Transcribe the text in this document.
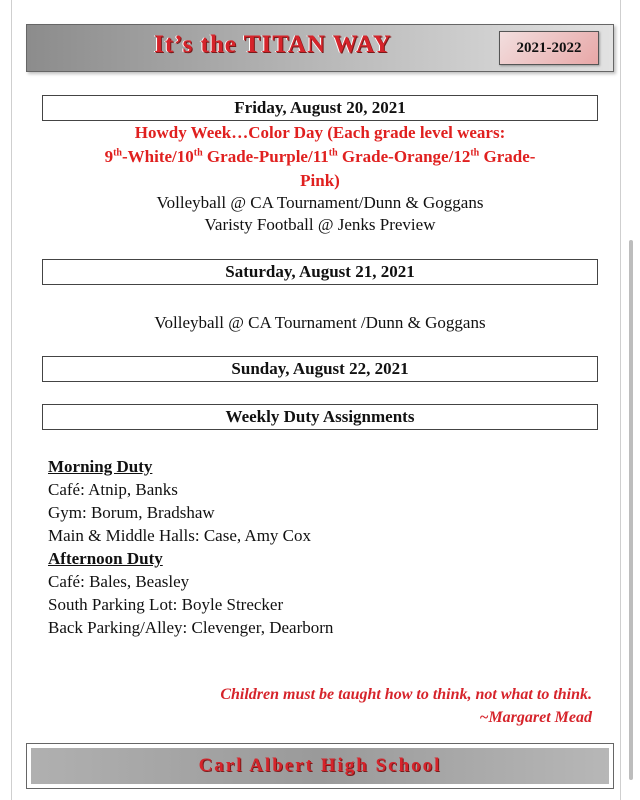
It’s the TITAN WAY	2021-2022
Friday, August 20, 2021
Howdy Week…Color Day (Each grade level wears:
9th-White/10th Grade-Purple/11th Grade-Orange/12th Grade-
Pink)
Volleyball @ CA Tournament/Dunn & Goggans
Varisty Football @ Jenks Preview
Saturday, August 21, 2021
Volleyball @ CA Tournament /Dunn & Goggans
Sunday, August 22, 2021
Weekly Duty Assignments
Morning Duty
Café: Atnip, Banks
Gym: Borum, Bradshaw
Main & Middle Halls: Case, Amy Cox
Afternoon Duty
Café: Bales, Beasley
South Parking Lot: Boyle Strecker
Back Parking/Alley: Clevenger, Dearborn
Children must be taught how to think, not what to think.
~Margaret Mead
Carl Albert High School
